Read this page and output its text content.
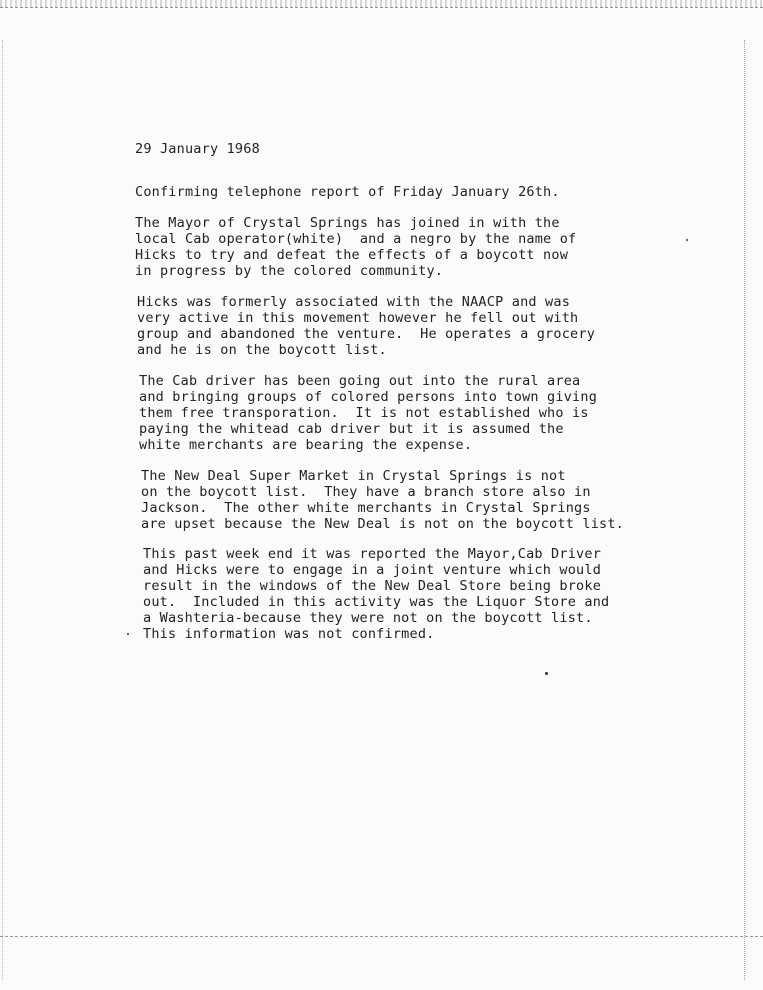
29 January 1968

Confirming telephone report of Friday January 26th.

The Mayor of Crystal Springs has joined in with the
local Cab operator(white)  and a negro by the name of
Hicks to try and defeat the effects of a boycott now
in progress by the colored community.

Hicks was formerly associated with the NAACP and was
very active in this movement however he fell out with
group and abandoned the venture.  He operates a grocery
and he is on the boycott list.

The Cab driver has been going out into the rural area
and bringing groups of colored persons into town giving
them free transporation.  It is not established who is
paying the whitead cab driver but it is assumed the
white merchants are bearing the expense.

The New Deal Super Market in Crystal Springs is not
on the boycott list.  They have a branch store also in
Jackson.  The other white merchants in Crystal Springs
are upset because the New Deal is not on the boycott list.

This past week end it was reported the Mayor,Cab Driver
and Hicks were to engage in a joint venture which would
result in the windows of the New Deal Store being broke
out.  Included in this activity was the Liquor Store and
a Washteria-because they were not on the boycott list.
This information was not confirmed.
